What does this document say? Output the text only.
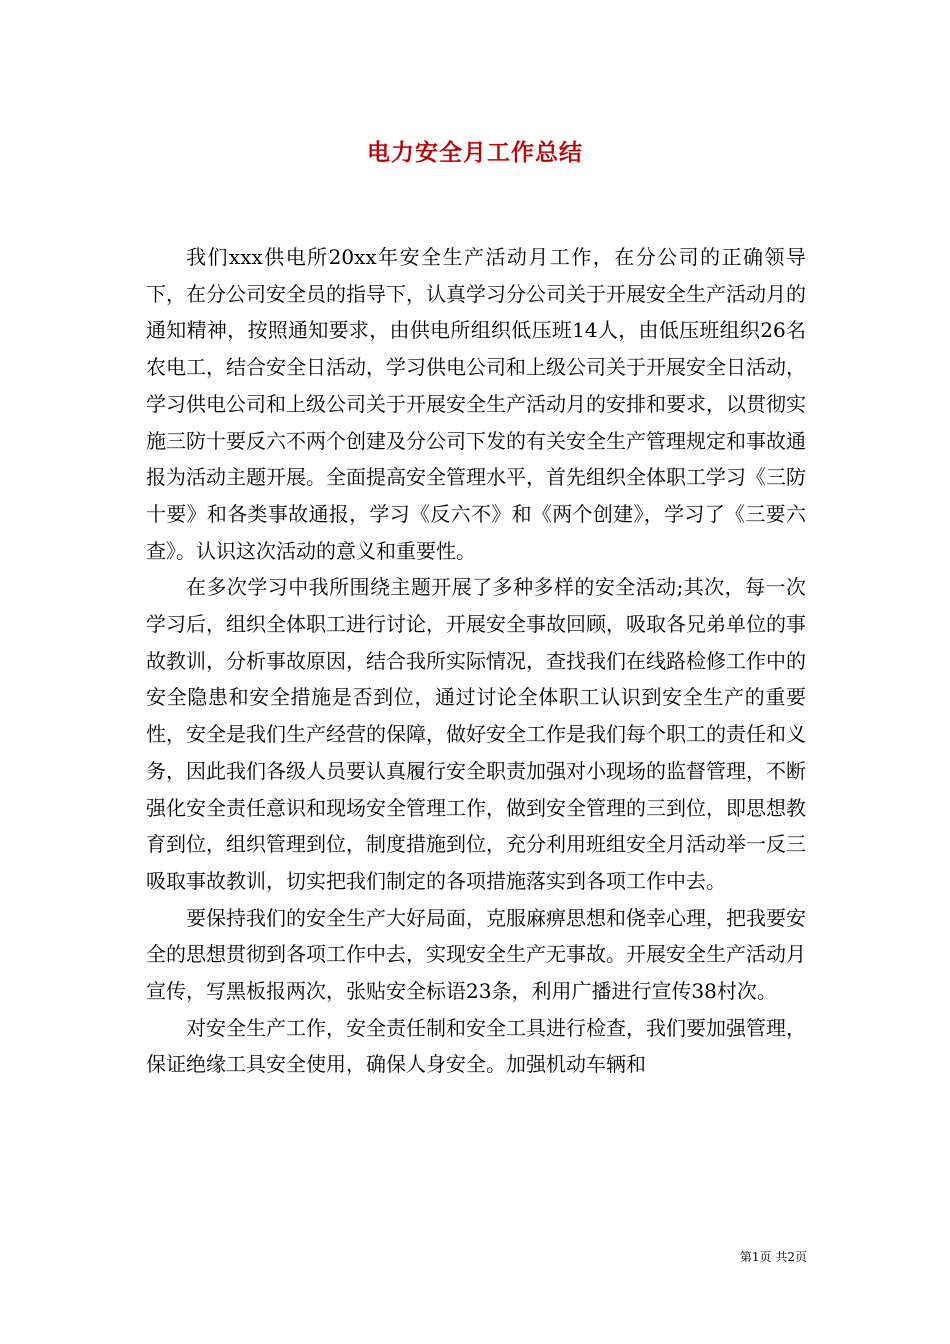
电力安全月工作总结

我们xxx供电所20xx年安全生产活动月工作，在分公司的正确领导下，在分公司安全员的指导下，认真学习分公司关于开展安全生产活动月的通知精神，按照通知要求，由供电所组织低压班14人，由低压班组织26名农电工，结合安全日活动，学习供电公司和上级公司关于开展安全日活动，学习供电公司和上级公司关于开展安全生产活动月的安排和要求，以贯彻实施三防十要反六不两个创建及分公司下发的有关安全生产管理规定和事故通报为活动主题开展。全面提高安全管理水平，首先组织全体职工学习《三防十要》和各类事故通报，学习《反六不》和《两个创建》，学习了《三要六查》。认识这次活动的意义和重要性。

在多次学习中我所围绕主题开展了多种多样的安全活动;其次，每一次学习后，组织全体职工进行讨论，开展安全事故回顾，吸取各兄弟单位的事故教训，分析事故原因，结合我所实际情况，查找我们在线路检修工作中的安全隐患和安全措施是否到位，通过讨论全体职工认识到安全生产的重要性，安全是我们生产经营的保障，做好安全工作是我们每个职工的责任和义务，因此我们各级人员要认真履行安全职责加强对小现场的监督管理，不断强化安全责任意识和现场安全管理工作，做到安全管理的三到位，即思想教育到位，组织管理到位，制度措施到位，充分利用班组安全月活动举一反三吸取事故教训，切实把我们制定的各项措施落实到各项工作中去。

要保持我们的安全生产大好局面，克服麻痹思想和侥幸心理，把我要安全的思想贯彻到各项工作中去，实现安全生产无事故。开展安全生产活动月宣传，写黑板报两次，张贴安全标语23条，利用广播进行宣传38村次。

对安全生产工作，安全责任制和安全工具进行检查，我们要加强管理，保证绝缘工具安全使用，确保人身安全。加强机动车辆和

第1页 共2页
